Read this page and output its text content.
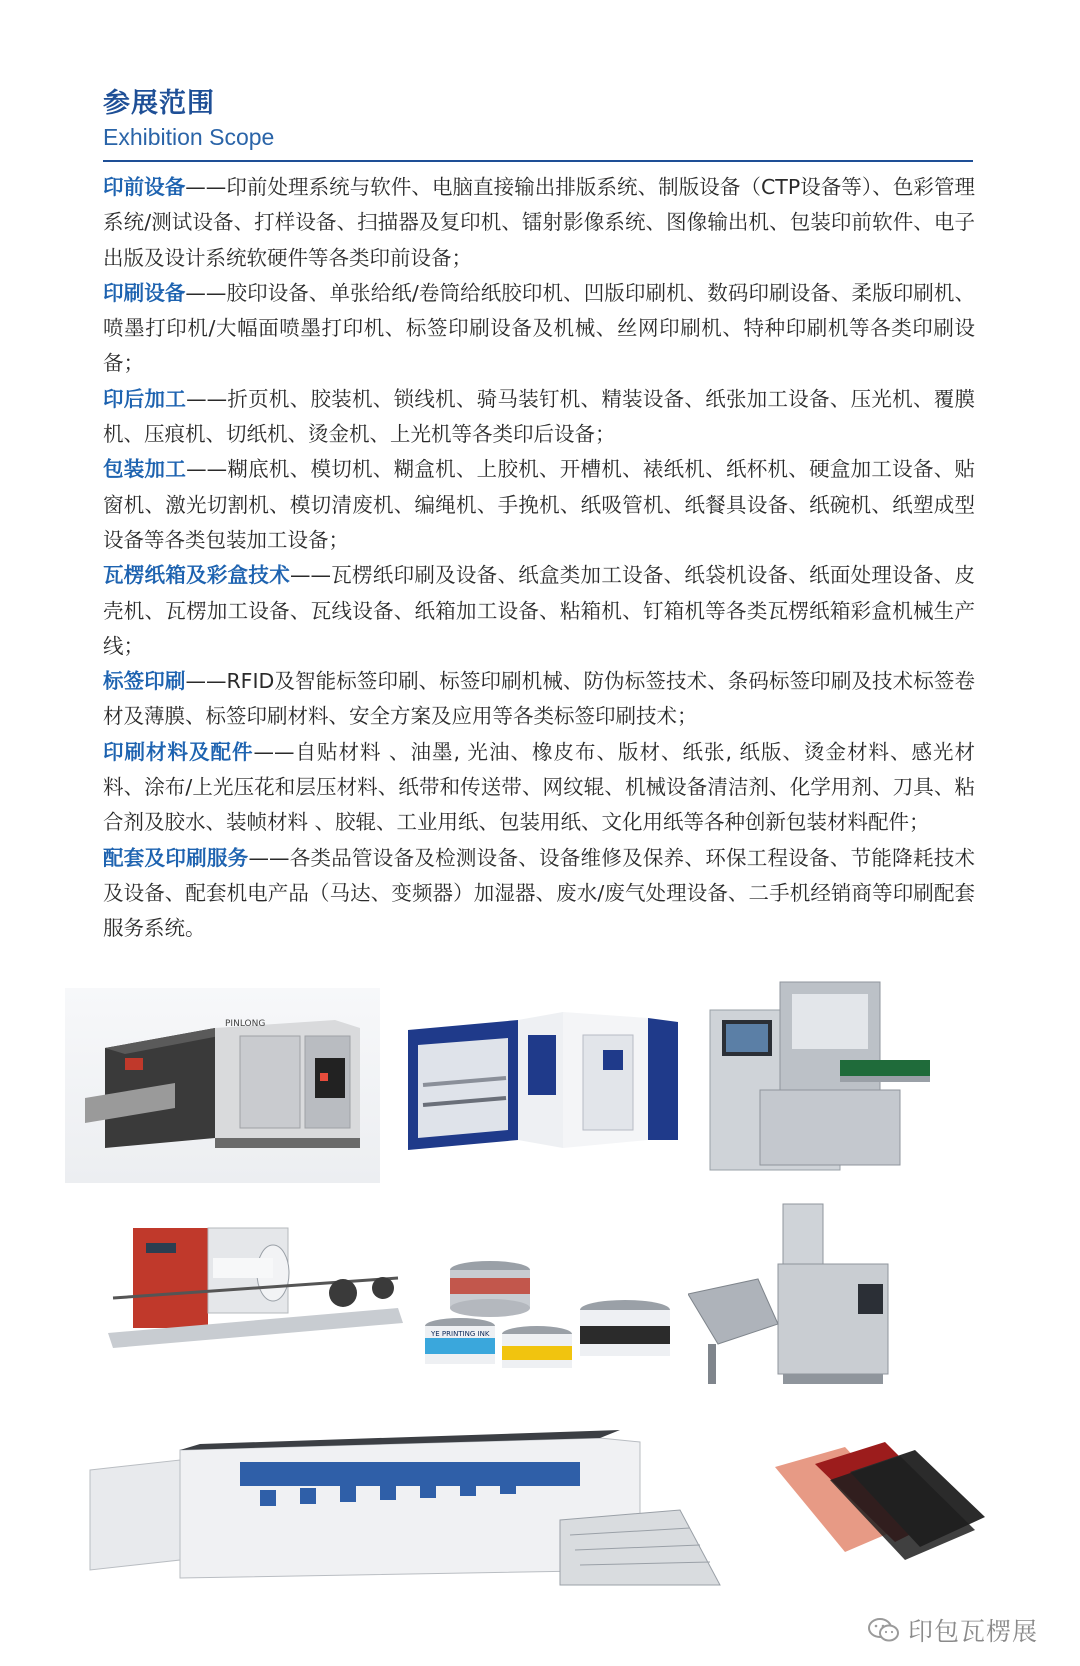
参展范围
Exhibition Scope

印前设备——印前处理系统与软件、电脑直接输出排版系统、制版设备（CTP设备等）、色彩管理系统/测试设备、打样设备、扫描器及复印机、镭射影像系统、图像输出机、包装印前软件、电子出版及设计系统软硬件等各类印前设备；

印刷设备——胶印设备、单张给纸/卷筒给纸胶印机、凹版印刷机、数码印刷设备、柔版印刷机、喷墨打印机/大幅面喷墨打印机、标签印刷设备及机械、丝网印刷机、特种印刷机等各类印刷设备；

印后加工——折页机、胶装机、锁线机、骑马装钉机、精装设备、纸张加工设备、压光机、覆膜机、压痕机、切纸机、烫金机、上光机等各类印后设备；

包装加工——糊底机、模切机、糊盒机、上胶机、开槽机、裱纸机、纸杯机、硬盒加工设备、贴窗机、激光切割机、模切清废机、编绳机、手挽机、纸吸管机、纸餐具设备、纸碗机、纸塑成型设备等各类包装加工设备；

瓦楞纸箱及彩盒技术——瓦楞纸印刷及设备、纸盒类加工设备、纸袋机设备、纸面处理设备、皮壳机、瓦楞加工设备、瓦线设备、纸箱加工设备、粘箱机、钉箱机等各类瓦楞纸箱彩盒机械生产线；

标签印刷——RFID及智能标签印刷、标签印刷机械、防伪标签技术、条码标签印刷及技术标签卷材及薄膜、标签印刷材料、安全方案及应用等各类标签印刷技术；

印刷材料及配件——自贴材料 、油墨, 光油、橡皮布、版材、纸张, 纸版、烫金材料、感光材料、涂布/上光压花和层压材料、纸带和传送带、网纹辊、机械设备清洁剂、化学用剂、刀具、粘合剂及胶水、装帧材料 、胶辊、工业用纸、包装用纸、文化用纸等各种创新包装材料配件；

配套及印刷服务——各类品管设备及检测设备、设备维修及保养、环保工程设备、节能降耗技术及设备、配套机电产品（马达、变频器）加湿器、废水/废气处理设备、二手机经销商等印刷配套服务系统。

PINLONG
YE PRINTING INK
印包瓦楞展
